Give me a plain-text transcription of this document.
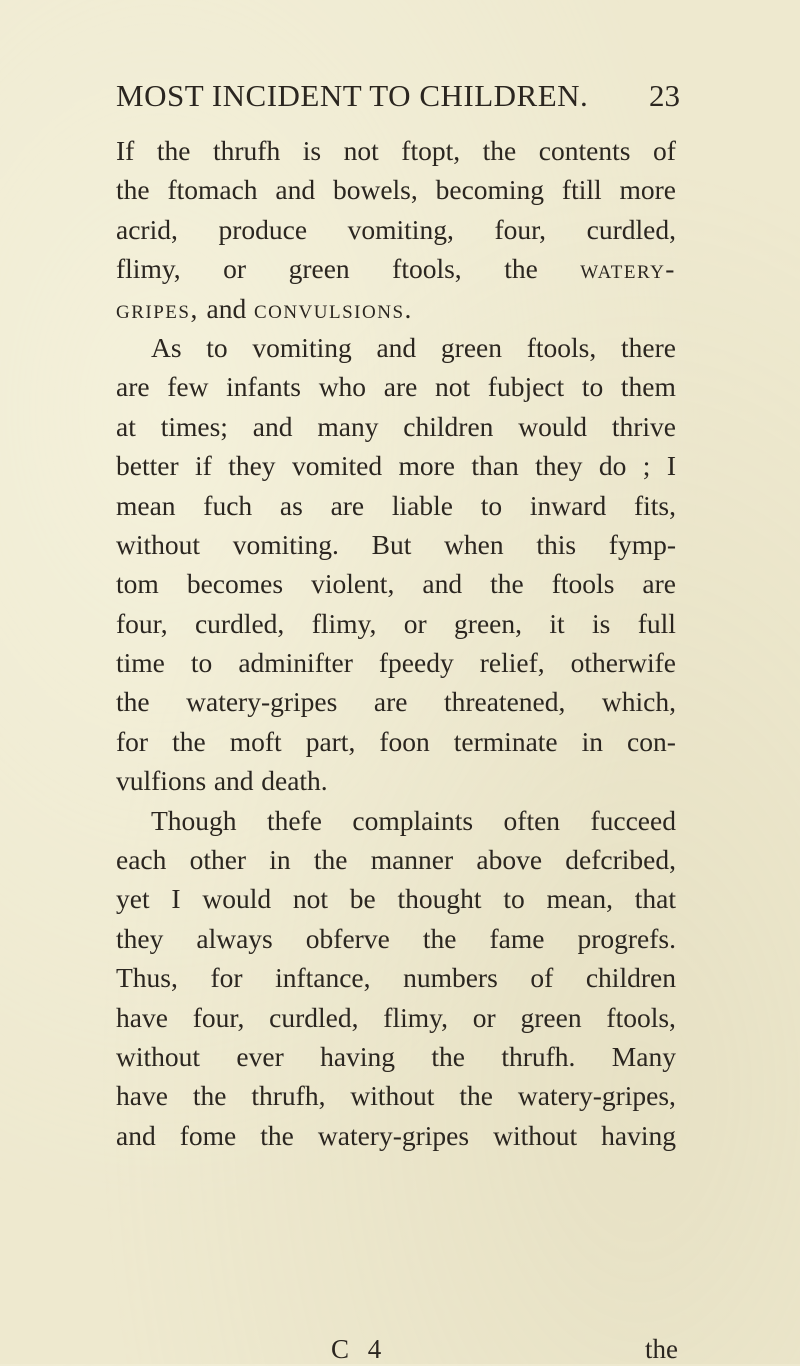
MOST INCIDENT TO CHILDREN. 23
If the thrufh is not ftopt, the contents of
the ftomach and bowels, becoming ftill more
acrid, produce vomiting, four, curdled,
flimy, or green ftools, the watery-
gripes, and convulsions.
As to vomiting and green ftools, there
are few infants who are not fubject to them
at times; and many children would thrive
better if they vomited more than they do ; I
mean fuch as are liable to inward fits,
without vomiting. But when this fymp-
tom becomes violent, and the ftools are
four, curdled, flimy, or green, it is full
time to adminifter fpeedy relief, otherwife
the watery-gripes are threatened, which,
for the moft part, foon terminate in con-
vulfions and death.
Though thefe complaints often fucceed
each other in the manner above defcribed,
yet I would not be thought to mean, that
they always obferve the fame progrefs.
Thus, for inftance, numbers of children
have four, curdled, flimy, or green ftools,
without ever having the thrufh. Many
have the thrufh, without the watery-gripes,
and fome the watery-gripes without having
C 4	the
